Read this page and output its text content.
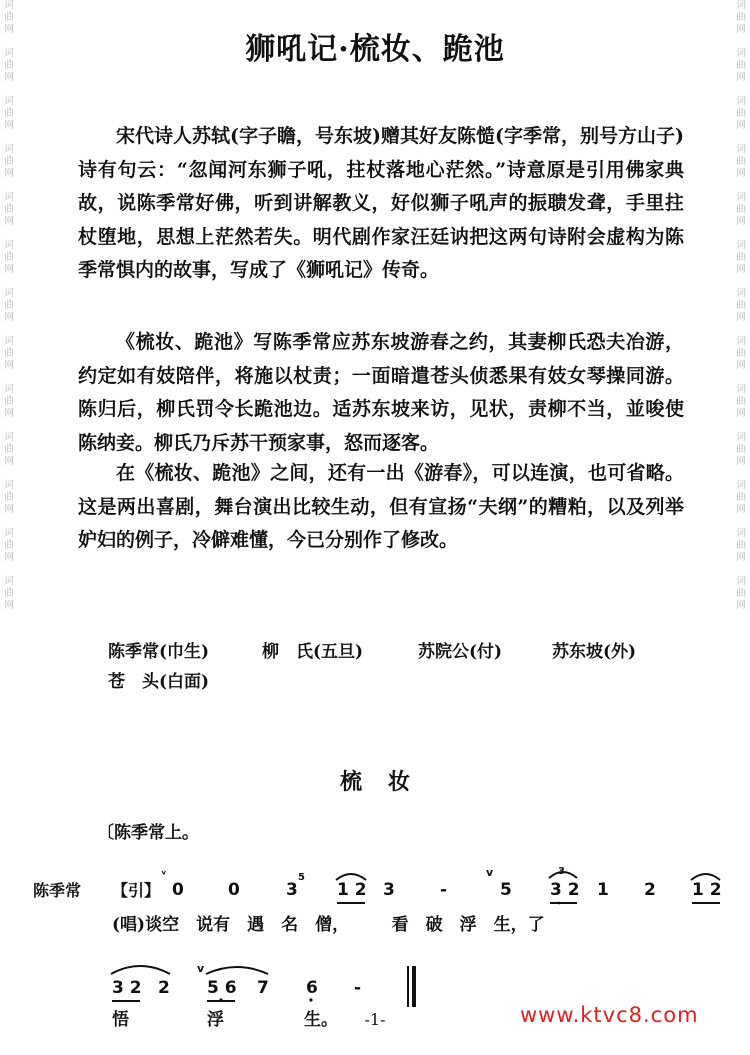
词曲网

词曲网

词曲网

词曲网

词曲网

词曲网

词曲网

词曲网

词曲网

词曲网

词曲网

词曲网

词曲网

词曲网

词曲网

词曲网

词曲网

词曲网

词曲网

词曲网

词曲网

词曲网

词曲网

词曲网

词曲网

词曲网

狮吼记·梳妆、跪池

宋代诗人苏轼(字子瞻，号东坡)赠其好友陈慥(字季常，别号方山子)诗有句云：“忽闻河东狮子吼，拄杖落地心茫然。”诗意原是引用佛家典故，说陈季常好佛，听到讲解教义，好似狮子吼声的振聩发聋，手里拄杖堕地，思想上茫然若失。明代剧作家汪廷讷把这两句诗附会虚构为陈季常惧内的故事，写成了《狮吼记》传奇。

《梳妆、跪池》写陈季常应苏东坡游春之约，其妻柳氏恐夫冶游，约定如有妓陪伴，将施以杖责；一面暗遣苍头侦悉果有妓女琴操同游。陈归后，柳氏罚令长跪池边。适苏东坡来访，见状，责柳不当，並唆使陈纳妾。柳氏乃斥苏干预家事，怒而逐客。

在《梳妆、跪池》之间，还有一出《游春》，可以连演，也可省略。这是两出喜剧，舞台演出比较生动，但有宣扬“夫纲”的糟粕，以及列举妒妇的例子，冷僻难懂，今已分别作了修改。

陈季常(巾生)	柳　氏(五旦)	苏院公(付)	苏东坡(外)
苍　头(白面)
梳妆
〔陈季常上。
陈季常 【引】 0	0	3
5
1 2 3	-	5
3
3 2 1 2 1 2
(唱)谈空　说有　遇　名　僧，　　　看　破　浮　生，了
3 2 2 5 6 7 6 -
悟	浮	生。
ᵛ	v
v
-1-	www.ktvc8.com
